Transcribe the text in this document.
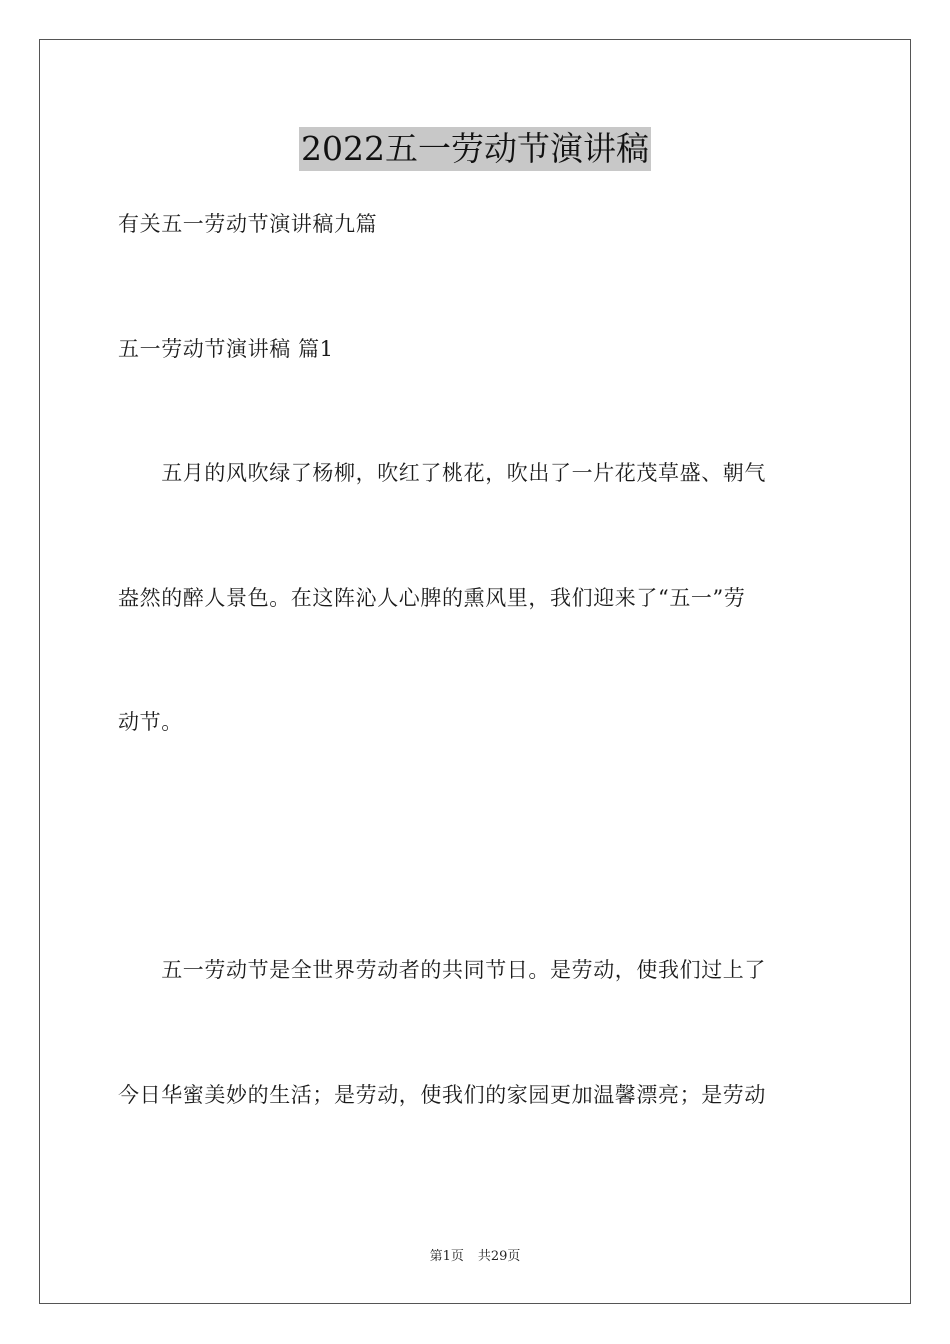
2022五一劳动节演讲稿
有关五一劳动节演讲稿九篇
五一劳动节演讲稿 篇1
　　五月的风吹绿了杨柳，吹红了桃花，吹出了一片花茂草盛、朝气
盎然的醉人景色。在这阵沁人心脾的熏风里，我们迎来了“五一”劳
动节。
　　五一劳动节是全世界劳动者的共同节日。是劳动，使我们过上了
今日华蜜美妙的生活；是劳动，使我们的家园更加温馨漂亮；是劳动
第1页 共29页
